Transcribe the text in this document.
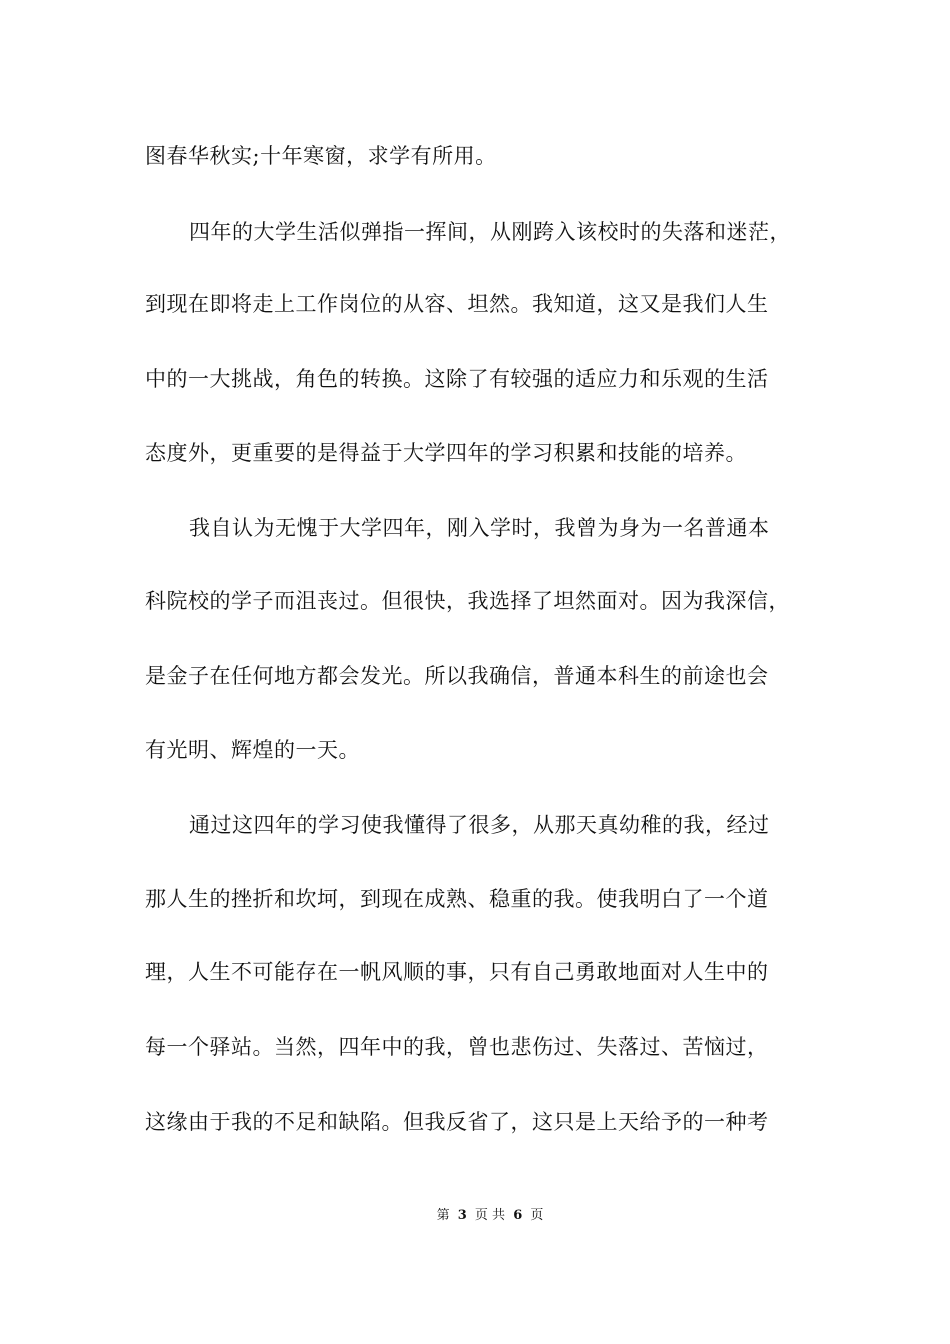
图春华秋实;十年寒窗，求学有所用。
四年的大学生活似弹指一挥间，从刚跨入该校时的失落和迷茫，
到现在即将走上工作岗位的从容、坦然。我知道，这又是我们人生
中的一大挑战，角色的转换。这除了有较强的适应力和乐观的生活
态度外，更重要的是得益于大学四年的学习积累和技能的培养。
我自认为无愧于大学四年，刚入学时，我曾为身为一名普通本
科院校的学子而沮丧过。但很快，我选择了坦然面对。因为我深信，
是金子在任何地方都会发光。所以我确信，普通本科生的前途也会
有光明、辉煌的一天。
通过这四年的学习使我懂得了很多，从那天真幼稚的我，经过
那人生的挫折和坎坷，到现在成熟、稳重的我。使我明白了一个道
理，人生不可能存在一帆风顺的事，只有自己勇敢地面对人生中的
每一个驿站。当然，四年中的我，曾也悲伤过、失落过、苦恼过，
这缘由于我的不足和缺陷。但我反省了，这只是上天给予的一种考
第 3 页 共 6 页
